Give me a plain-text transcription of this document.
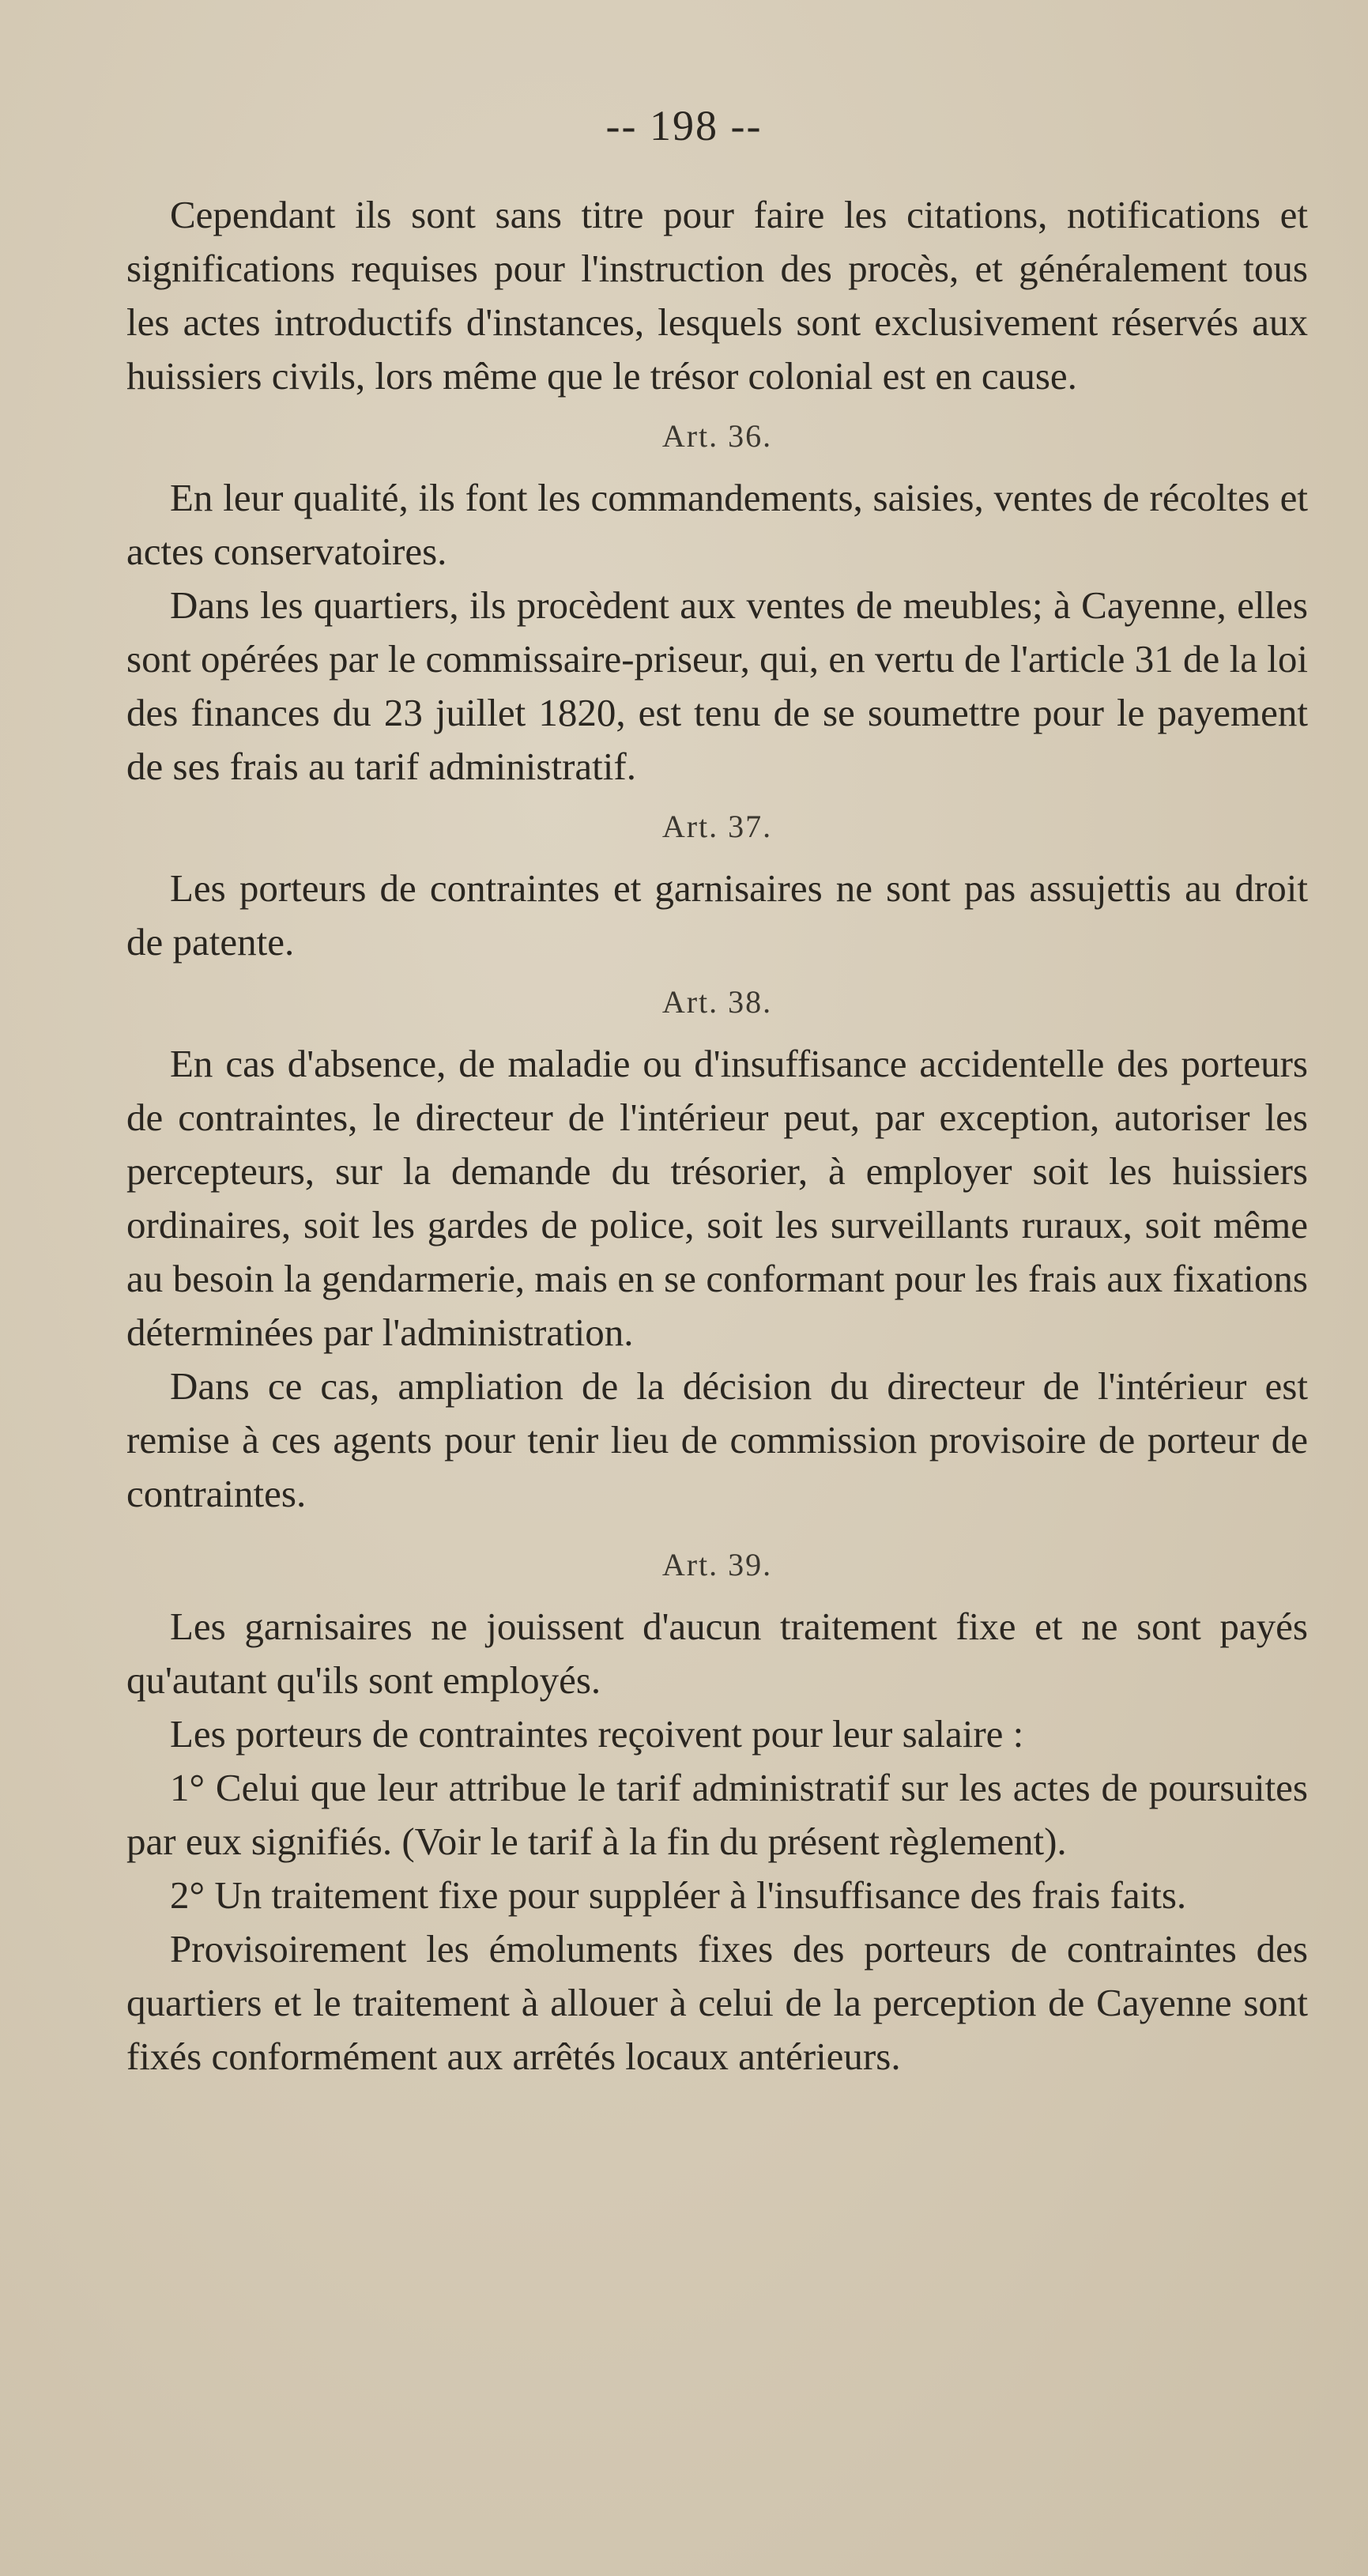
-- 198 --

Cependant ils sont sans titre pour faire les citations, notifications et significations requises pour l'instruction des procès, et généralement tous les actes introductifs d'instances, lesquels sont exclusivement réservés aux huissiers civils, lors même que le trésor colonial est en cause.

Art. 36.

En leur qualité, ils font les commandements, saisies, ventes de récoltes et actes conservatoires.

Dans les quartiers, ils procèdent aux ventes de meubles; à Cayenne, elles sont opérées par le commissaire-priseur, qui, en vertu de l'article 31 de la loi des finances du 23 juillet 1820, est tenu de se soumettre pour le payement de ses frais au tarif administratif.

Art. 37.

Les porteurs de contraintes et garnisaires ne sont pas assujettis au droit de patente.

Art. 38.

En cas d'absence, de maladie ou d'insuffisance accidentelle des porteurs de contraintes, le directeur de l'intérieur peut, par exception, autoriser les percepteurs, sur la demande du trésorier, à employer soit les huissiers ordinaires, soit les gardes de police, soit les surveillants ruraux, soit même au besoin la gendarmerie, mais en se conformant pour les frais aux fixations déterminées par l'administration.

Dans ce cas, ampliation de la décision du directeur de l'intérieur est remise à ces agents pour tenir lieu de commission provisoire de porteur de contraintes.

Art. 39.

Les garnisaires ne jouissent d'aucun traitement fixe et ne sont payés qu'autant qu'ils sont employés.

Les porteurs de contraintes reçoivent pour leur salaire :

1° Celui que leur attribue le tarif administratif sur les actes de poursuites par eux signifiés. (Voir le tarif à la fin du présent règlement).

2° Un traitement fixe pour suppléer à l'insuffisance des frais faits.

Provisoirement les émoluments fixes des porteurs de contraintes des quartiers et le traitement à allouer à celui de la perception de Cayenne sont fixés conformément aux arrêtés locaux antérieurs.
